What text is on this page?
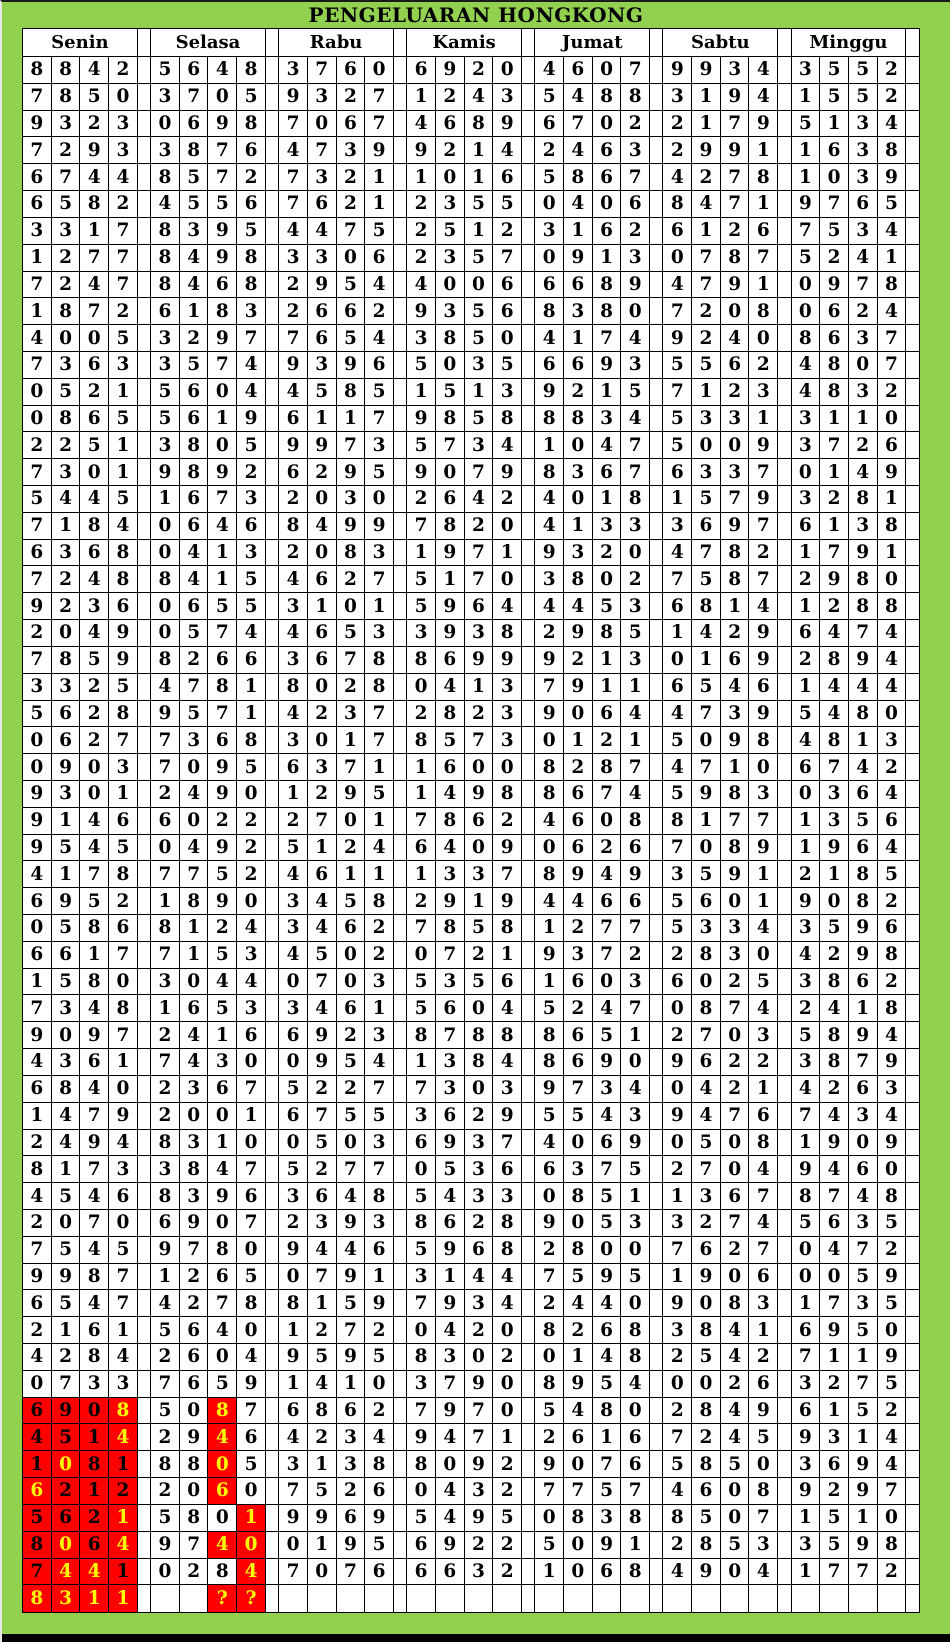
PENGELUARAN HONGKONG
Senin					Selasa					Rabu					Kamis					Jumat					Sabtu					Minggu				
8	8	4	2		5	6	4	8		3	7	6	0		6	9	2	0		4	6	0	7		9	9	3	4		3	5	5	2	
7	8	5	0		3	7	0	5		9	3	2	7		1	2	4	3		5	4	8	8		3	1	9	4		1	5	5	2	
9	3	2	3		0	6	9	8		7	0	6	7		4	6	8	9		6	7	0	2		2	1	7	9		5	1	3	4	
7	2	9	3		3	8	7	6		4	7	3	9		9	2	1	4		2	4	6	3		2	9	9	1		1	6	3	8	
6	7	4	4		8	5	7	2		7	3	2	1		1	0	1	6		5	8	6	7		4	2	7	8		1	0	3	9	
6	5	8	2		4	5	5	6		7	6	2	1		2	3	5	5		0	4	0	6		8	4	7	1		9	7	6	5	
3	3	1	7		8	3	9	5		4	4	7	5		2	5	1	2		3	1	6	2		6	1	2	6		7	5	3	4	
1	2	7	7		8	4	9	8		3	3	0	6		2	3	5	7		0	9	1	3		0	7	8	7		5	2	4	1	
7	2	4	7		8	4	6	8		2	9	5	4		4	0	0	6		6	6	8	9		4	7	9	1		0	9	7	8	
1	8	7	2		6	1	8	3		2	6	6	2		9	3	5	6		8	3	8	0		7	2	0	8		0	6	2	4	
4	0	0	5		3	2	9	7		7	6	5	4		3	8	5	0		4	1	7	4		9	2	4	0		8	6	3	7	
7	3	6	3		3	5	7	4		9	3	9	6		5	0	3	5		6	6	9	3		5	5	6	2		4	8	0	7	
0	5	2	1		5	6	0	4		4	5	8	5		1	5	1	3		9	2	1	5		7	1	2	3		4	8	3	2	
0	8	6	5		5	6	1	9		6	1	1	7		9	8	5	8		8	8	3	4		5	3	3	1		3	1	1	0	
2	2	5	1		3	8	0	5		9	9	7	3		5	7	3	4		1	0	4	7		5	0	0	9		3	7	2	6	
7	3	0	1		9	8	9	2		6	2	9	5		9	0	7	9		8	3	6	7		6	3	3	7		0	1	4	9	
5	4	4	5		1	6	7	3		2	0	3	0		2	6	4	2		4	0	1	8		1	5	7	9		3	2	8	1	
7	1	8	4		0	6	4	6		8	4	9	9		7	8	2	0		4	1	3	3		3	6	9	7		6	1	3	8	
6	3	6	8		0	4	1	3		2	0	8	3		1	9	7	1		9	3	2	0		4	7	8	2		1	7	9	1	
7	2	4	8		8	4	1	5		4	6	2	7		5	1	7	0		3	8	0	2		7	5	8	7		2	9	8	0	
9	2	3	6		0	6	5	5		3	1	0	1		5	9	6	4		4	4	5	3		6	8	1	4		1	2	8	8	
2	0	4	9		0	5	7	4		4	6	5	3		3	9	3	8		2	9	8	5		1	4	2	9		6	4	7	4	
7	8	5	9		8	2	6	6		3	6	7	8		8	6	9	9		9	2	1	3		0	1	6	9		2	8	9	4	
3	3	2	5		4	7	8	1		8	0	2	8		0	4	1	3		7	9	1	1		6	5	4	6		1	4	4	4	
5	6	2	8		9	5	7	1		4	2	3	7		2	8	2	3		9	0	6	4		4	7	3	9		5	4	8	0	
0	6	2	7		7	3	6	8		3	0	1	7		8	5	7	3		0	1	2	1		5	0	9	8		4	8	1	3	
0	9	0	3		7	0	9	5		6	3	7	1		1	6	0	0		8	2	8	7		4	7	1	0		6	7	4	2	
9	3	0	1		2	4	9	0		1	2	9	5		1	4	9	8		8	6	7	4		5	9	8	3		0	3	6	4	
9	1	4	6		6	0	2	2		2	7	0	1		7	8	6	2		4	6	0	8		8	1	7	7		1	3	5	6	
9	5	4	5		0	4	9	2		5	1	2	4		6	4	0	9		0	6	2	6		7	0	8	9		1	9	6	4	
4	1	7	8		7	7	5	2		4	6	1	1		1	3	3	7		8	9	4	9		3	5	9	1		2	1	8	5	
6	9	5	2		1	8	9	0		3	4	5	8		2	9	1	9		4	4	6	6		5	6	0	1		9	0	8	2	
0	5	8	6		8	1	2	4		3	4	6	2		7	8	5	8		1	2	7	7		5	3	3	4		3	5	9	6	
6	6	1	7		7	1	5	3		4	5	0	2		0	7	2	1		9	3	7	2		2	8	3	0		4	2	9	8	
1	5	8	0		3	0	4	4		0	7	0	3		5	3	5	6		1	6	0	3		6	0	2	5		3	8	6	2	
7	3	4	8		1	6	5	3		3	4	6	1		5	6	0	4		5	2	4	7		0	8	7	4		2	4	1	8	
9	0	9	7		2	4	1	6		6	9	2	3		8	7	8	8		8	6	5	1		2	7	0	3		5	8	9	4	
4	3	6	1		7	4	3	0		0	9	5	4		1	3	8	4		8	6	9	0		9	6	2	2		3	8	7	9	
6	8	4	0		2	3	6	7		5	2	2	7		7	3	0	3		9	7	3	4		0	4	2	1		4	2	6	3	
1	4	7	9		2	0	0	1		6	7	5	5		3	6	2	9		5	5	4	3		9	4	7	6		7	4	3	4	
2	4	9	4		8	3	1	0		0	5	0	3		6	9	3	7		4	0	6	9		0	5	0	8		1	9	0	9	
8	1	7	3		3	8	4	7		5	2	7	7		0	5	3	6		6	3	7	5		2	7	0	4		9	4	6	0	
4	5	4	6		8	3	9	6		3	6	4	8		5	4	3	3		0	8	5	1		1	3	6	7		8	7	4	8	
2	0	7	0		6	9	0	7		2	3	9	3		8	6	2	8		9	0	5	3		3	2	7	4		5	6	3	5	
7	5	4	5		9	7	8	0		9	4	4	6		5	9	6	8		2	8	0	0		7	6	2	7		0	4	7	2	
9	9	8	7		1	2	6	5		0	7	9	1		3	1	4	4		7	5	9	5		1	9	0	6		0	0	5	9	
6	5	4	7		4	2	7	8		8	1	5	9		7	9	3	4		2	4	4	0		9	0	8	3		1	7	3	5	
2	1	6	1		5	6	4	0		1	2	7	2		0	4	2	0		8	2	6	8		3	8	4	1		6	9	5	0	
4	2	8	4		2	6	0	4		9	5	9	5		8	3	0	2		0	1	4	8		2	5	4	2		7	1	1	9	
0	7	3	3		7	6	5	9		1	4	1	0		3	7	9	0		8	9	5	4		0	0	2	6		3	2	7	5	
6	9	0	8		5	0	8	7		6	8	6	2		7	9	7	0		5	4	8	0		2	8	4	9		6	1	5	2	
4	5	1	4		2	9	4	6		4	2	3	4		9	4	7	1		2	6	1	6		7	2	4	5		9	3	1	4	
1	0	8	1		8	8	0	5		3	1	3	8		8	0	9	2		9	0	7	6		5	8	5	0		3	6	9	4	
6	2	1	2		2	0	6	0		7	5	2	6		0	4	3	2		7	7	5	7		4	6	0	8		9	2	9	7	
5	6	2	1		5	8	0	1		9	9	6	9		5	4	9	5		0	8	3	8		8	5	0	7		1	5	1	0	
8	0	6	4		9	7	4	0		0	1	9	5		6	9	2	2		5	0	9	1		2	8	5	3		3	5	9	8	
7	4	4	1		0	2	8	4		7	0	7	6		6	6	3	2		1	0	6	8		4	9	0	4		1	7	7	2	
8	3	1	1				?	?																										
